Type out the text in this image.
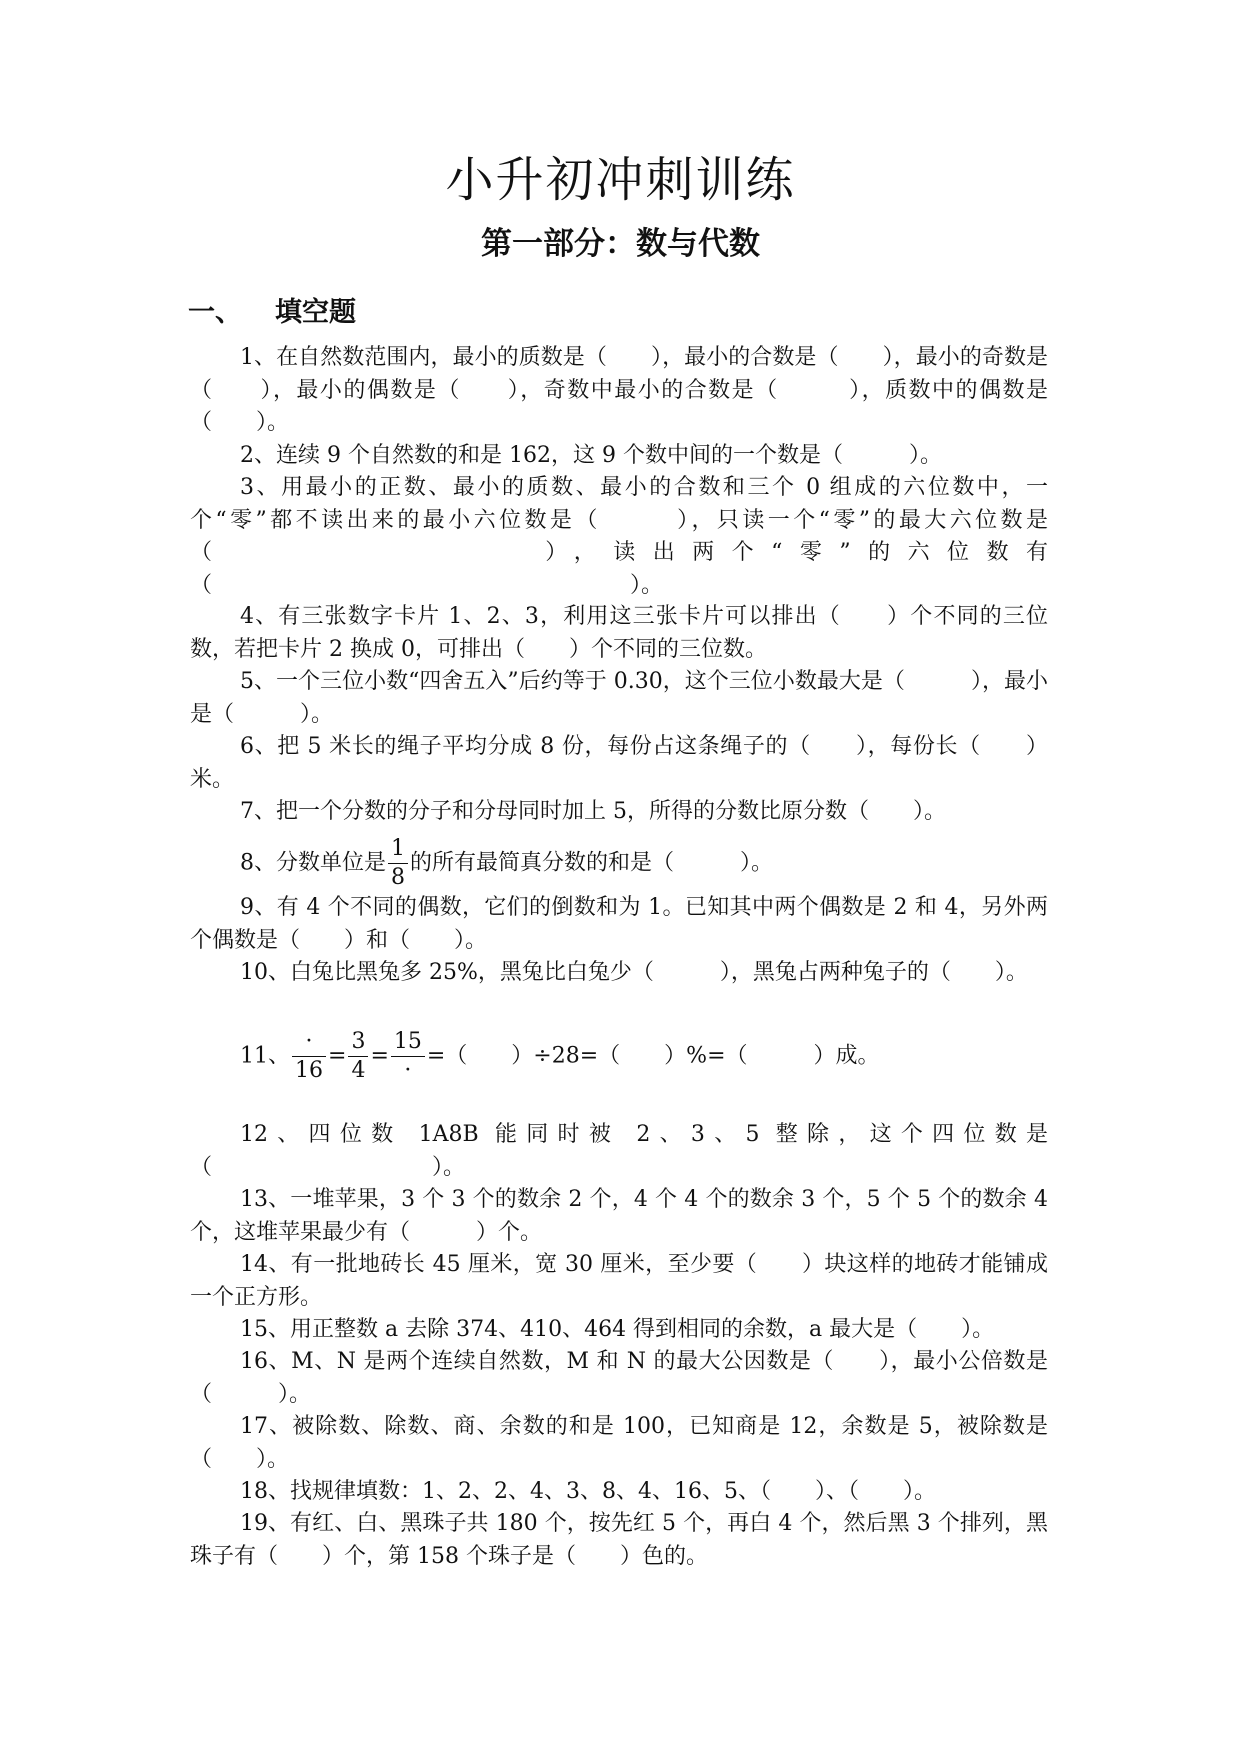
小升初冲刺训练
第一部分：数与代数
一、 填空题
1、在自然数范围内，最小的质数是（　　），最小的合数是（　　），最小的奇数是（　　），最小的偶数是（　　），奇数中最小的合数是（　　　），质数中的偶数是（　　）。
2、连续 9 个自然数的和是 162，这 9 个数中间的一个数是（　　　）。
3、用最小的正数、最小的质数、最小的合数和三个 0 组成的六位数中，一个“零”都不读出来的最小六位数是（　　　），只读一个“零”的最大六位数是（　　　　　　　　），读出两个“零”的六位数有（　　　　　　　　　　　　　　　　　　　）。
4、有三张数字卡片 1、2、3，利用这三张卡片可以排出（　　）个不同的三位数，若把卡片 2 换成 0，可排出（　　）个不同的三位数。
5、一个三位小数“四舍五入”后约等于 0.30，这个三位小数最大是（　　　），最小是（　　　）。
6、把 5 米长的绳子平均分成 8 份，每份占这条绳子的（　　），每份长（　　）米。
7、把一个分数的分子和分母同时加上 5，所得的分数比原分数（　　）。
8、分数单位是 $\frac{1}{8}$ 的所有最简真分数的和是（　　　）。
9、有 4 个不同的偶数，它们的倒数和为 1。已知其中两个偶数是 2 和 4，另外两个偶数是（　　）和（　　）。
10、白兔比黑兔多 25%，黑兔比白兔少（　　　），黑兔占两种兔子的（　　）。
11、 $\frac{\cdot}{16} = \frac{3}{4} = \frac{15}{\cdot}$ =（　　）÷28=（　　）%=（　　　）成。
12、四位数 1A8B 能同时被 2、3、5 整除，这个四位数是（　　　　　　　　　　）。
13、一堆苹果，3 个 3 个的数余 2 个，4 个 4 个的数余 3 个，5 个 5 个的数余 4 个，这堆苹果最少有（　　　）个。
14、有一批地砖长 45 厘米，宽 30 厘米，至少要（　　）块这样的地砖才能铺成一个正方形。
15、用正整数 a 去除 374、410、464 得到相同的余数，a 最大是（　　）。
16、M、N 是两个连续自然数，M 和 N 的最大公因数是（　　），最小公倍数是（　　　）。
17、被除数、除数、商、余数的和是 100，已知商是 12，余数是 5，被除数是（　　）。
18、找规律填数：1、2、2、4、3、8、4、16、5、（　　）、（　　）。
19、有红、白、黑珠子共 180 个，按先红 5 个，再白 4 个，然后黑 3 个排列，黑珠子有（　　）个，第 158 个珠子是（　　）色的。
